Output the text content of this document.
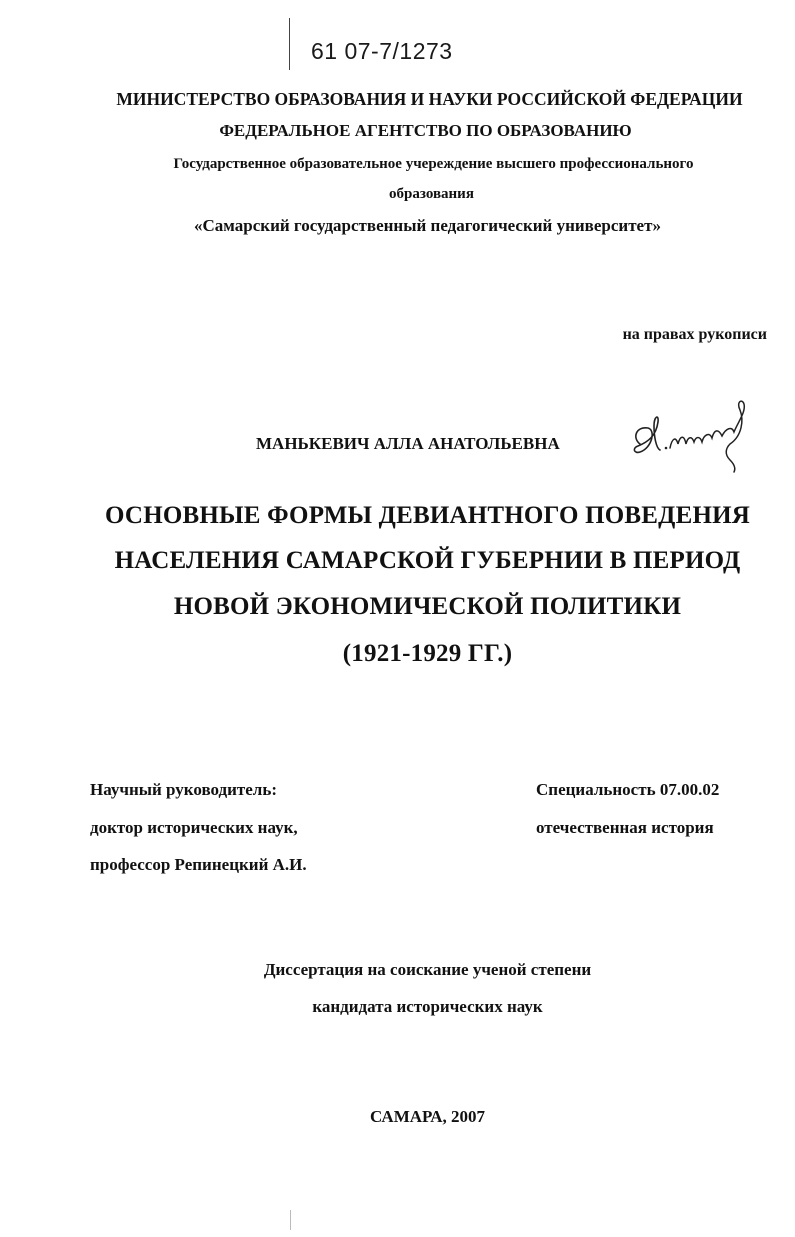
61 07-7/1273
МИНИСТЕРСТВО ОБРАЗОВАНИЯ И НАУКИ РОССИЙСКОЙ ФЕДЕРАЦИИ
ФЕДЕРАЛЬНОЕ АГЕНТСТВО ПО ОБРАЗОВАНИЮ
Государственное образовательное учереждение высшего профессионального
образования
«Самарский государственный педагогический университет»
на правах рукописи
МАНЬКЕВИЧ АЛЛА АНАТОЛЬЕВНА
ОСНОВНЫЕ ФОРМЫ ДЕВИАНТНОГО ПОВЕДЕНИЯ
НАСЕЛЕНИЯ САМАРСКОЙ ГУБЕРНИИ В ПЕРИОД
НОВОЙ ЭКОНОМИЧЕСКОЙ ПОЛИТИКИ
(1921-1929 ГГ.)
Научный руководитель:
доктор исторических наук,
профессор Репинецкий А.И.
Специальность 07.00.02
отечественная история
Диссертация на соискание ученой степени
кандидата исторических наук
САМАРА, 2007
